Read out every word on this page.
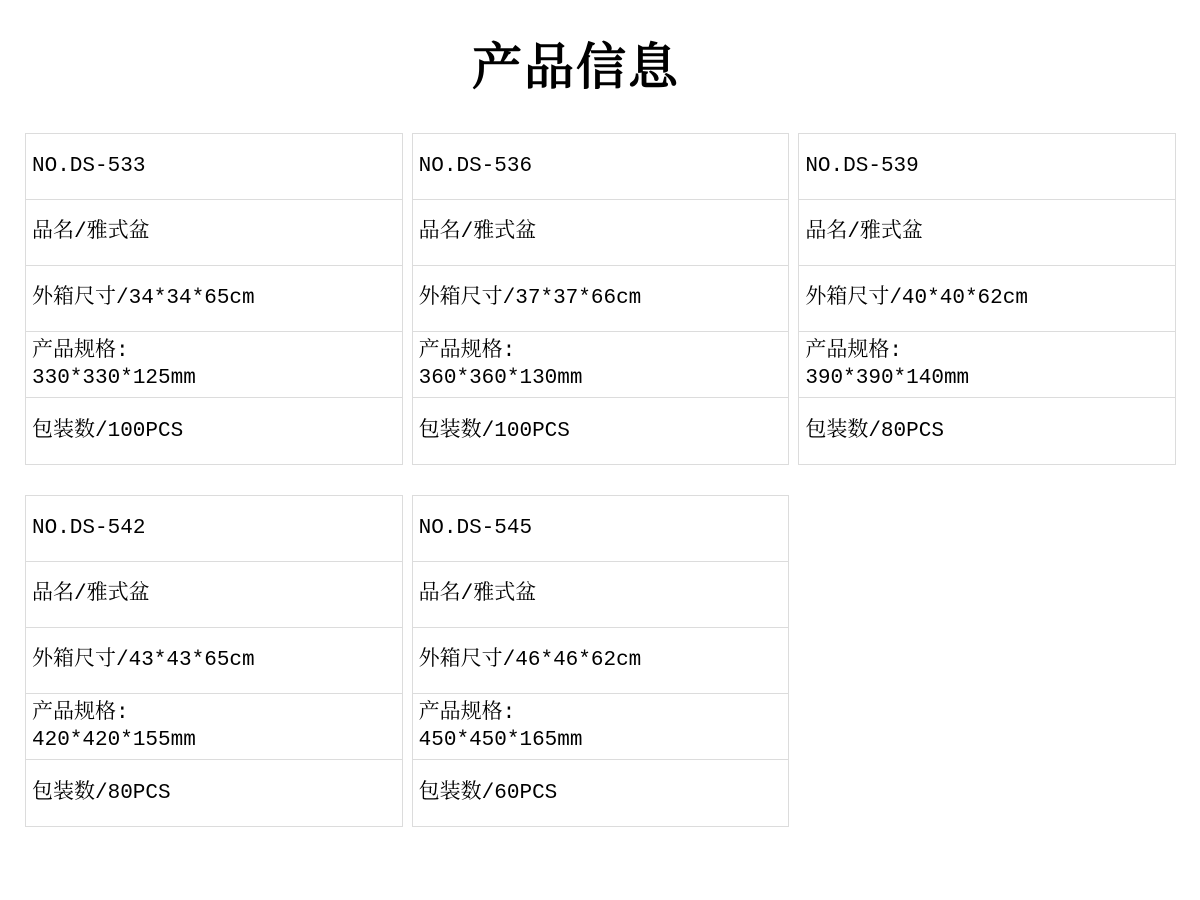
产品信息
NO.DS-533
品名/雅式盆
外箱尺寸/34*34*65cm
产品规格:
330*330*125mm
包装数/100PCS
NO.DS-536
品名/雅式盆
外箱尺寸/37*37*66cm
产品规格:
360*360*130mm
包装数/100PCS
NO.DS-539
品名/雅式盆
外箱尺寸/40*40*62cm
产品规格:
390*390*140mm
包装数/80PCS
NO.DS-542
品名/雅式盆
外箱尺寸/43*43*65cm
产品规格:
420*420*155mm
包装数/80PCS
NO.DS-545
品名/雅式盆
外箱尺寸/46*46*62cm
产品规格:
450*450*165mm
包装数/60PCS
